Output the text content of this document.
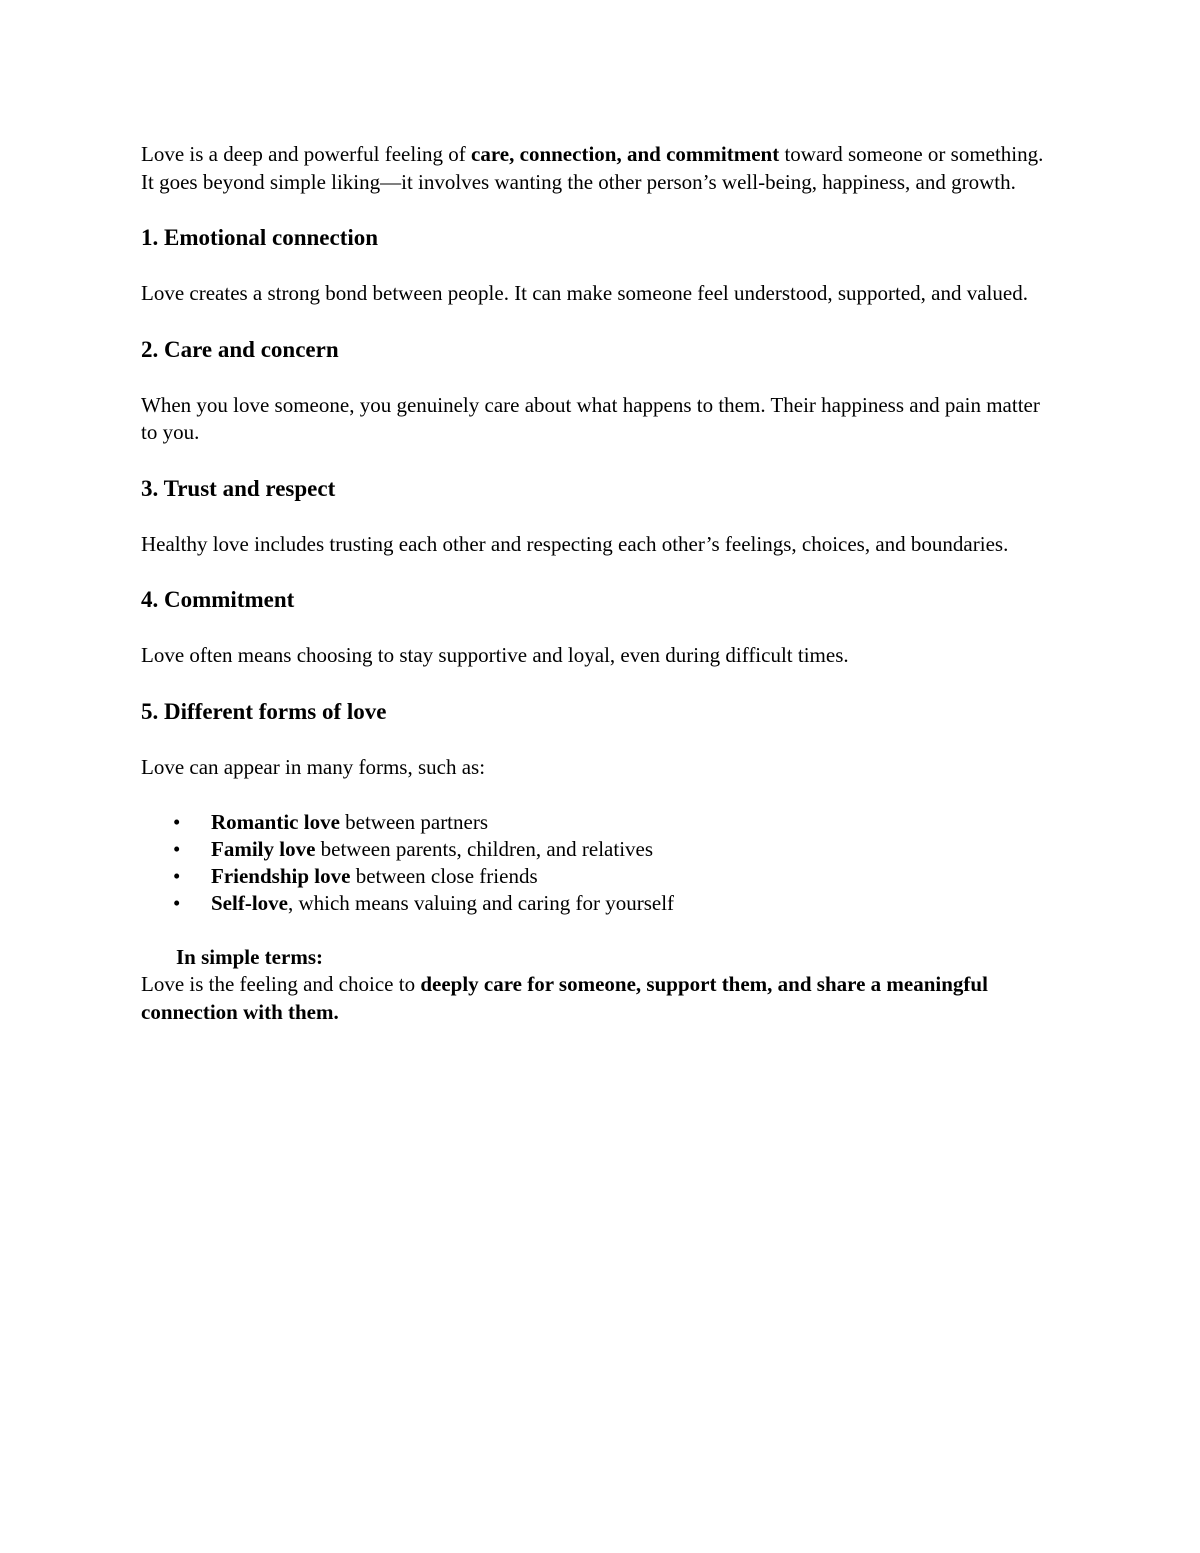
Love is a deep and powerful feeling of care, connection, and commitment toward someone or something. It goes beyond simple liking—it involves wanting the other person’s well-being, happiness, and growth.

1. Emotional connection

Love creates a strong bond between people. It can make someone feel understood, supported, and valued.

2. Care and concern

When you love someone, you genuinely care about what happens to them. Their happiness and pain matter to you.

3. Trust and respect

Healthy love includes trusting each other and respecting each other’s feelings, choices, and boundaries.

4. Commitment

Love often means choosing to stay supportive and loyal, even during difficult times.

5. Different forms of love

Love can appear in many forms, such as:

• Romantic love between partners
• Family love between parents, children, and relatives
• Friendship love between close friends
• Self-love, which means valuing and caring for yourself

In simple terms:

Love is the feeling and choice to deeply care for someone, support them, and share a meaningful connection with them.
